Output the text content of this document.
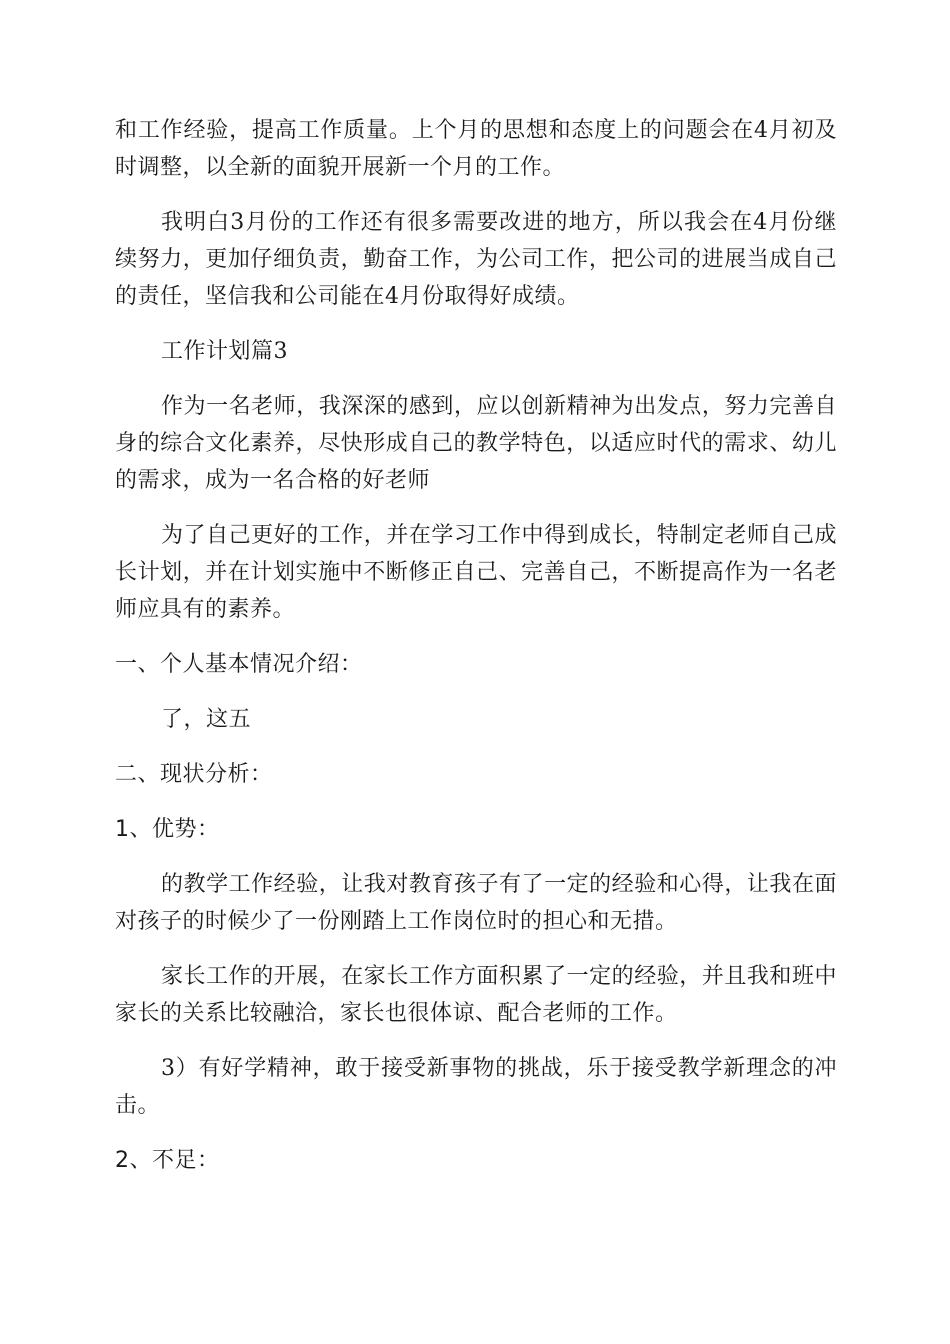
和工作经验，提高工作质量。上个月的思想和态度上的问题会在4月初及时调整，以全新的面貌开展新一个月的工作。

我明白3月份的工作还有很多需要改进的地方，所以我会在4月份继续努力，更加仔细负责，勤奋工作，为公司工作，把公司的进展当成自己的责任，坚信我和公司能在4月份取得好成绩。

工作计划篇3

作为一名老师，我深深的感到，应以创新精神为出发点，努力完善自身的综合文化素养，尽快形成自己的教学特色，以适应时代的需求、幼儿的需求，成为一名合格的好老师

为了自己更好的工作，并在学习工作中得到成长，特制定老师自己成长计划，并在计划实施中不断修正自己、完善自己，不断提高作为一名老师应具有的素养。

一、个人基本情况介绍：

了，这五

二、现状分析：

1、优势：

的教学工作经验，让我对教育孩子有了一定的经验和心得，让我在面对孩子的时候少了一份刚踏上工作岗位时的担心和无措。

家长工作的开展，在家长工作方面积累了一定的经验，并且我和班中家长的关系比较融洽，家长也很体谅、配合老师的工作。

3）有好学精神，敢于接受新事物的挑战，乐于接受教学新理念的冲击。

2、不足：
